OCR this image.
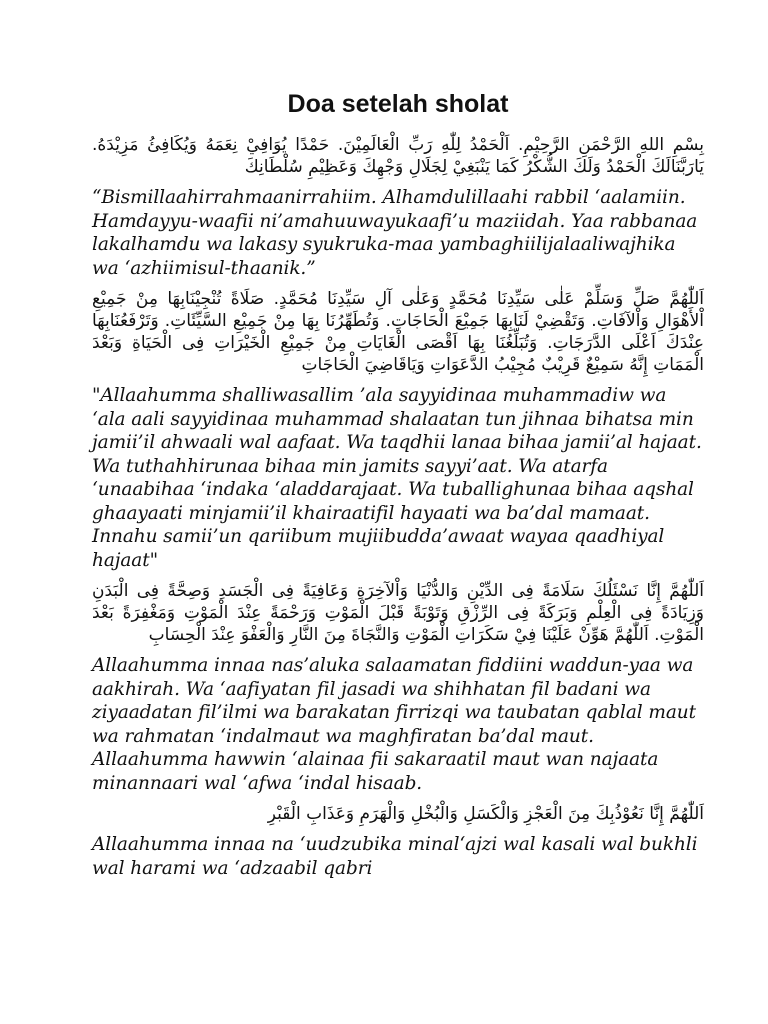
Doa setelah sholat

بِسْمِ اللهِ الرَّحْمَنِ الرَّحِيْمِ. اَلْحَمْدُ لِلّٰهِ رَبِّ الْعَالَمِيْنَ. حَمْدًا يُوَافِيْ نِعَمَهُ وَيُكَافِئُ مَزِيْدَهُ. يَارَبَّنَالَكَ الْحَمْدُ وَلَكَ الشُّكْرُ كَمَا يَنْبَغِيْ لِجَلَالِ وَجْهِكَ وَعَظِيْمِ سُلْطَانِكَ

“Bismillaahirrahmaanirrahiim. Alhamdulillaahi rabbil ‘aalamiin. Hamdayyu-waafii ni’amahuuwayukaafi’u maziidah. Yaa rabbanaa lakalhamdu wa lakasy syukruka-maa yambaghiilijalaaliwajhika wa ‘azhiimisul-thaanik.”

اَللّٰهُمَّ صَلِّ وَسَلِّمْ عَلٰى سَيِّدِنَا مُحَمَّدٍ وَعَلٰى آلِ سَيِّدِنَا مُحَمَّدٍ. صَلَاةً تُنْجِيْنَابِهَا مِنْ جَمِيْعِ اْلأَهْوَالِ وَاْلآفَاتِ. وَتَقْضِيْ لَنَابِهَا جَمِيْعَ الْحَاجَاتِ. وَتُطَهِّرُنَا بِهَا مِنْ جَمِيْعِ السَّيِّئَاتِ. وَتَرْفَعُنَابِهَا عِنْدَكَ اَعْلَى الدَّرَجَاتِ. وَتُبَلِّغُنَا بِهَا اَقْصَى الْغَايَاتِ مِنْ جَمِيْعِ الْخَيْرَاتِ فِى الْحَيَاةِ وَبَعْدَ الْمَمَاتِ إِنَّهُ سَمِيْعٌ قَرِيْبٌ مُجِيْبُ الدَّعَوَاتِ وَيَاقَاضِيَ الْحَاجَاتِ

"Allaahumma shalliwasallim ’ala sayyidinaa muhammadiw wa ‘ala aali sayyidinaa muhammad shalaatan tun jihnaa bihatsa min jamii’il ahwaali wal aafaat. Wa taqdhii lanaa bihaa jamii’al hajaat. Wa tuthahhirunaa bihaa min jamits sayyi’aat. Wa atarfa ‘unaabihaa ‘indaka ‘aladdarajaat. Wa tuballighunaa bihaa aqshal ghaayaati minjamii’il khairaatifil hayaati wa ba’dal mamaat. Innahu samii’un qariibum mujiibudda’awaat wayaa qaadhiyal hajaat"

اَللّٰهُمَّ إِنَّا نَسْئَلُكَ سَلَامَةً فِى الدِّيْنِ وَالدُّنْيَا وَاْلآخِرَةِ وَعَافِيَةً فِى الْجَسَدِ وَصِحَّةً فِى الْبَدَنِ وَزِيَادَةً فِى الْعِلْمِ وَبَرَكَةً فِى الرِّزْقِ وَتَوْبَةً قَبْلَ الْمَوْتِ وَرَحْمَةً عِنْدَ الْمَوْتِ وَمَغْفِرَةً بَعْدَ الْمَوْتِ. اَللّٰهُمَّ هَوِّنْ عَلَيْنَا فِيْ سَكَرَاتِ الْمَوْتِ وَالنَّجَاةَ مِنَ النَّارِ وَالْعَفْوَ عِنْدَ الْحِسَابِ

Allaahumma innaa nas’aluka salaamatan fiddiini waddun-yaa wa aakhirah. Wa ‘aafiyatan fil jasadi wa shihhatan fil badani wa ziyaadatan fil’ilmi wa barakatan firrizqi wa taubatan qablal maut wa rahmatan ‘indalmaut wa maghfiratan ba’dal maut. Allaahumma hawwin ‘alainaa fii sakaraatil maut wan najaata minannaari wal ‘afwa ‘indal hisaab.

اَللّٰهُمَّ إِنَّا نَعُوْذُبِكَ مِنَ الْعَجْزِ وَالْكَسَلِ وَالْبُخْلِ وَالْهَرَمِ وَعَذَابِ الْقَبْرِ

Allaahumma innaa na ‘uudzubika minal‘ajzi wal kasali wal bukhli wal harami wa ‘adzaabil qabri
